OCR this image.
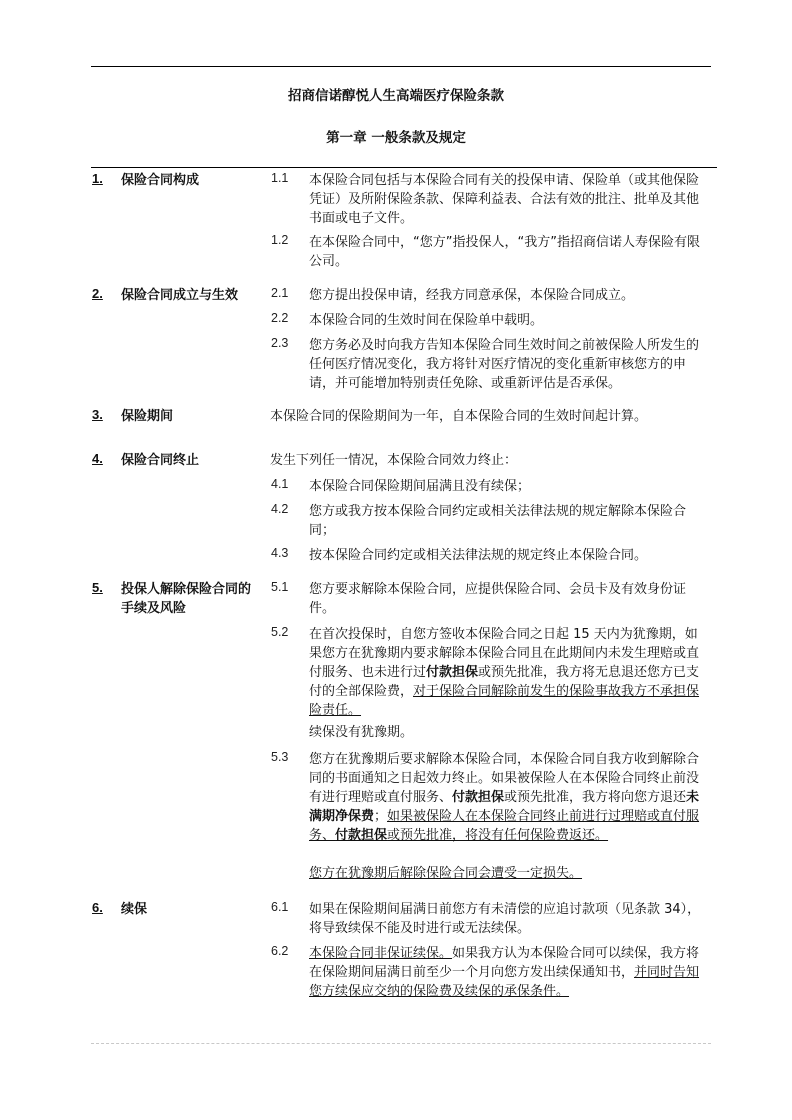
招商信诺醇悦人生高端医疗保险条款
第一章 一般条款及规定
1. 保险合同构成	1.1 本保险合同包括与本保险合同有关的投保申请、保险单（或其他保险凭证）及所附保险条款、保障利益表、合法有效的批注、批单及其他书面或电子文件。
1.2 在本保险合同中，“您方”指投保人，“我方”指招商信诺人寿保险有限公司。
2. 保险合同成立与生效	2.1 您方提出投保申请，经我方同意承保，本保险合同成立。
2.2 本保险合同的生效时间在保险单中载明。
2.3 您方务必及时向我方告知本保险合同生效时间之前被保险人所发生的任何医疗情况变化，我方将针对医疗情况的变化重新审核您方的申请，并可能增加特别责任免除、或重新评估是否承保。
3. 保险期间	本保险合同的保险期间为一年，自本保险合同的生效时间起计算。
4. 保险合同终止	发生下列任一情况，本保险合同效力终止：
4.1 本保险合同保险期间届满且没有续保；
4.2 您方或我方按本保险合同约定或相关法律法规的规定解除本保险合同；
4.3 按本保险合同约定或相关法律法规的规定终止本保险合同。
5. 投保人解除保险合同的手续及风险
5.1 您方要求解除本保险合同，应提供保险合同、会员卡及有效身份证件。
5.2 在首次投保时，自您方签收本保险合同之日起 15 天内为犹豫期，如果您方在犹豫期内要求解除本保险合同且在此期间内未发生理赔或直付服务、也未进行过付款担保或预先批准，我方将无息退还您方已支付的全部保险费，对于保险合同解除前发生的保险事故我方不承担保险责任。
续保没有犹豫期。
5.3 您方在犹豫期后要求解除本保险合同，本保险合同自我方收到解除合同的书面通知之日起效力终止。如果被保险人在本保险合同终止前没有进行理赔或直付服务、付款担保或预先批准，我方将向您方退还未满期净保费；如果被保险人在本保险合同终止前进行过理赔或直付服务、付款担保或预先批准，将没有任何保险费返还。
您方在犹豫期后解除保险合同会遭受一定损失。
6. 续保	6.1 如果在保险期间届满日前您方有未清偿的应追讨款项（见条款 34），将导致续保不能及时进行或无法续保。
6.2 本保险合同非保证续保。如果我方认为本保险合同可以续保，我方将在保险期间届满日前至少一个月向您方发出续保通知书，并同时告知您方续保应交纳的保险费及续保的承保条件。
